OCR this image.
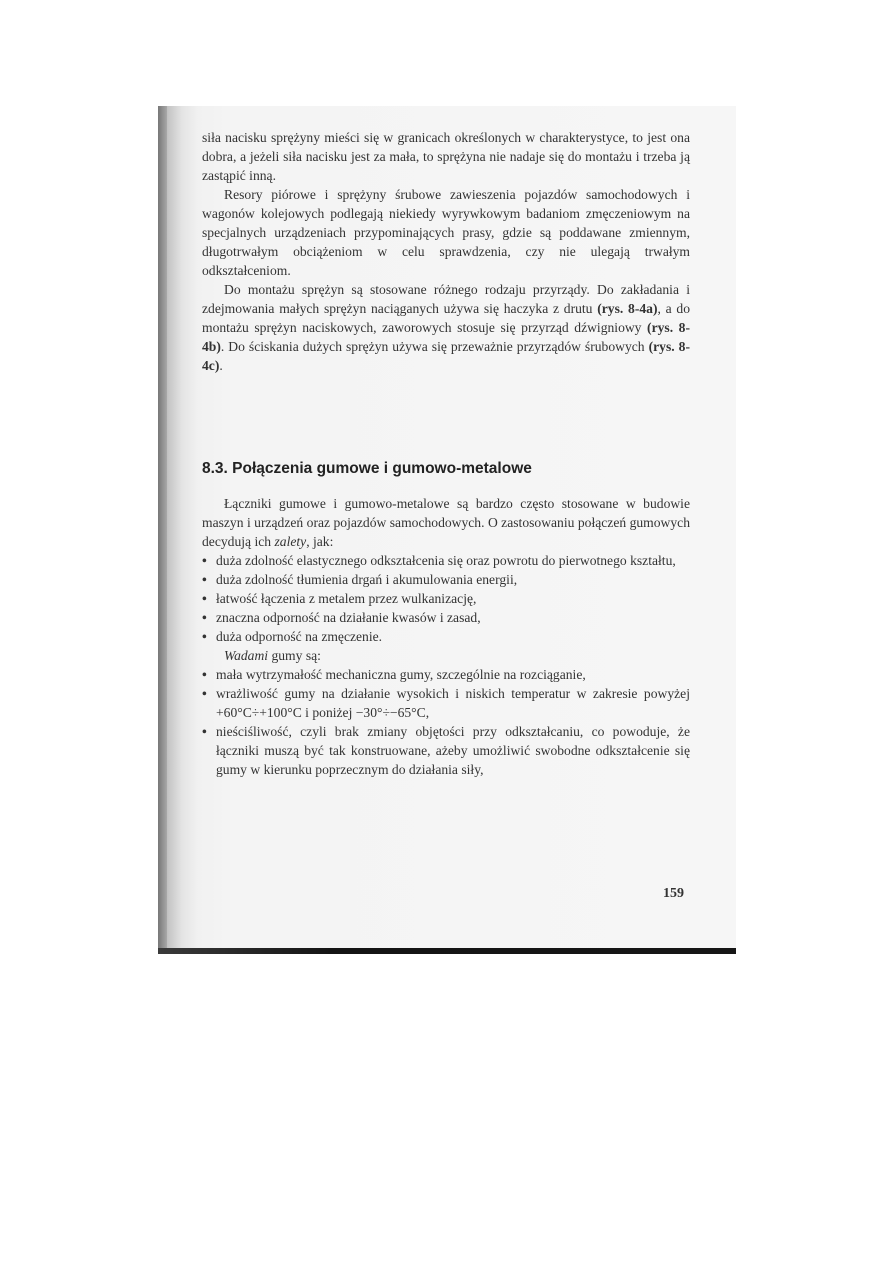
siła nacisku sprężyny mieści się w granicach określonych w charakterystyce, to jest ona dobra, a jeżeli siła nacisku jest za mała, to sprężyna nie nadaje się do montażu i trzeba ją zastąpić inną.

Resory piórowe i sprężyny śrubowe zawieszenia pojazdów samochodowych i wagonów kolejowych podlegają niekiedy wyrywkowym badaniom zmęczeniowym na specjalnych urządzeniach przypominających prasy, gdzie są poddawane zmiennym, długotrwałym obciążeniom w celu sprawdzenia, czy nie ulegają trwałym odkształceniom.

Do montażu sprężyn są stosowane różnego rodzaju przyrządy. Do zakładania i zdejmowania małych sprężyn naciąganych używa się haczyka z drutu (rys. 8-4a), a do montażu sprężyn naciskowych, zaworowych stosuje się przyrząd dźwigniowy (rys. 8-4b). Do ściskania dużych sprężyn używa się przeważnie przyrządów śrubowych (rys. 8-4c).

8.3. Połączenia gumowe i gumowo-metalowe

Łączniki gumowe i gumowo-metalowe są bardzo często stosowane w budowie maszyn i urządzeń oraz pojazdów samochodowych. O zastosowaniu połączeń gumowych decydują ich zalety, jak:

• duża zdolność elastycznego odkształcenia się oraz powrotu do pierwotnego kształtu,
• duża zdolność tłumienia drgań i akumulowania energii,
• łatwość łączenia z metalem przez wulkanizację,
• znaczna odporność na działanie kwasów i zasad,
• duża odporność na zmęczenie.

Wadami gumy są:

• mała wytrzymałość mechaniczna gumy, szczególnie na rozciąganie,
• wrażliwość gumy na działanie wysokich i niskich temperatur w zakresie powyżej +60°C÷+100°C i poniżej −30°÷−65°C,
• nieściśliwość, czyli brak zmiany objętości przy odkształcaniu, co powoduje, że łączniki muszą być tak konstruowane, ażeby umożliwić swobodne odkształcenie się gumy w kierunku poprzecznym do działania siły,
159
